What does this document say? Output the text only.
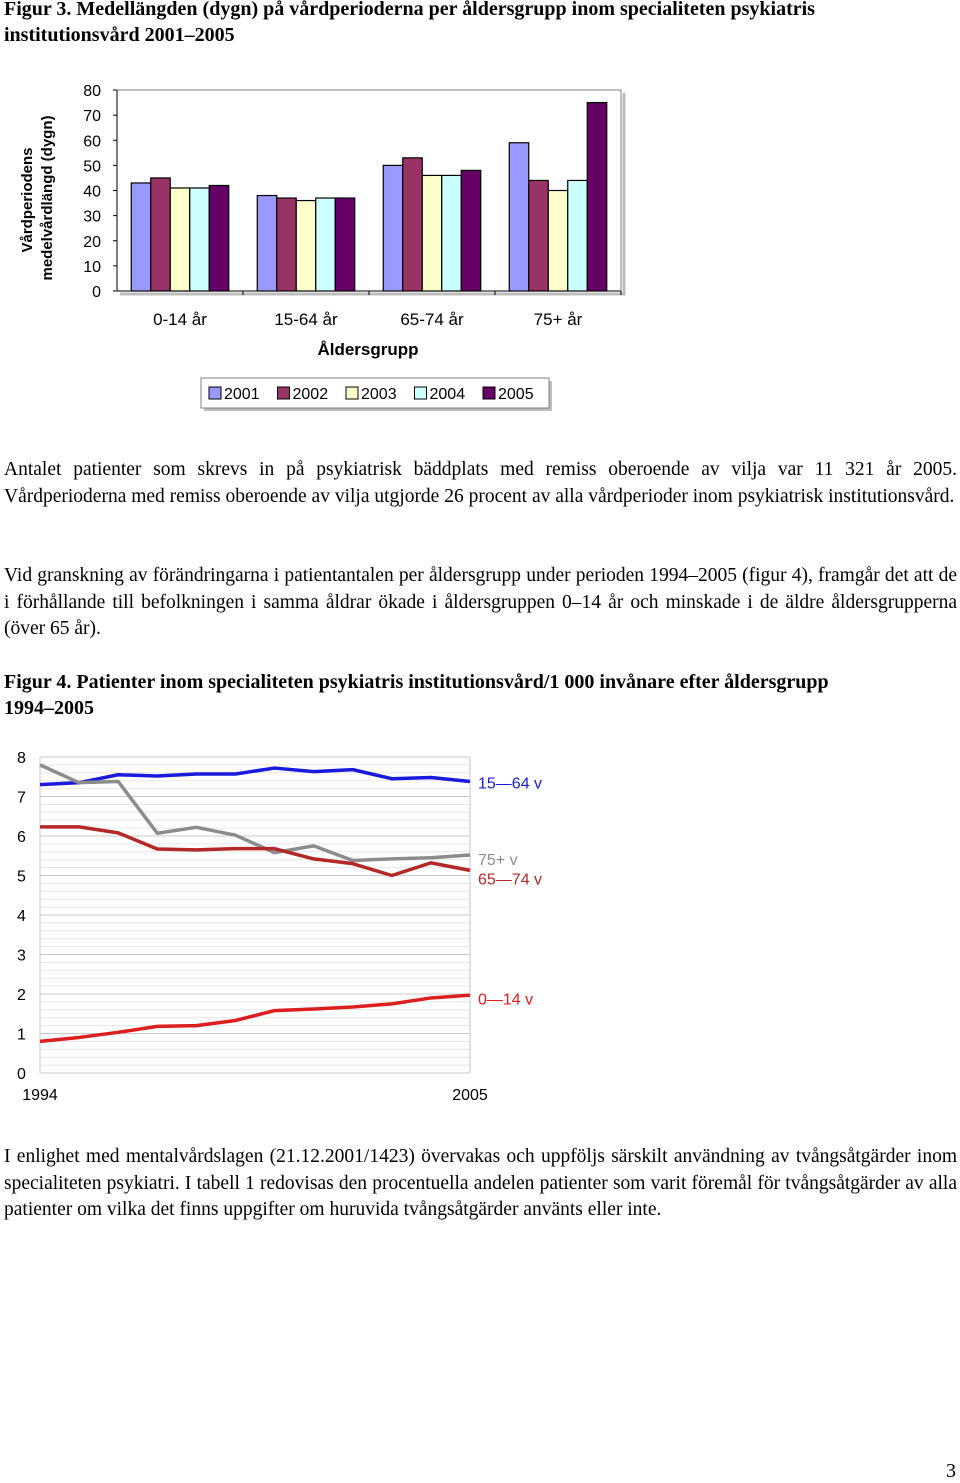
Figur 3. Medellängden (dygn) på vårdperioderna per åldersgrupp inom specialiteten psykiatris
institutionsvård 2001–2005
Vårdperiodens medelvårdlängd (dygn)
0
10
20
30
40
50
60
70
80
0-14 år	15-64 år	65-74 år	75+ år
Åldersgrupp
2001 2002 2003 2004 2005
Antalet patienter som skrevs in på psykiatrisk bäddplats med remiss oberoende av vilja var 11 321 år 2005. Vårdperioderna med remiss oberoende av vilja utgjorde 26 procent av alla vårdperioder inom psykiatrisk institutionsvård.
Vid granskning av förändringarna i patientantalen per åldersgrupp under perioden 1994–2005 (figur 4), framgår det att de i förhållande till befolkningen i samma åldrar ökade i åldersgruppen 0–14 år och minskade i de äldre åldersgrupperna (över 65 år).
Figur 4. Patienter inom specialiteten psykiatris institutionsvård/1 000 invånare efter åldersgrupp
1994–2005
0
1
2
3
4
5
6
7
8
1994	2005
15—64 v
75+ v
65—74 v
0—14 v
I enlighet med mentalvårdslagen (21.12.2001/1423) övervakas och uppföljs särskilt användning av tvångsåtgärder inom specialiteten psykiatri. I tabell 1 redovisas den procentuella andelen patienter som varit föremål för tvångsåtgärder av alla patienter om vilka det finns uppgifter om huruvida tvångsåtgärder använts eller inte.
3
